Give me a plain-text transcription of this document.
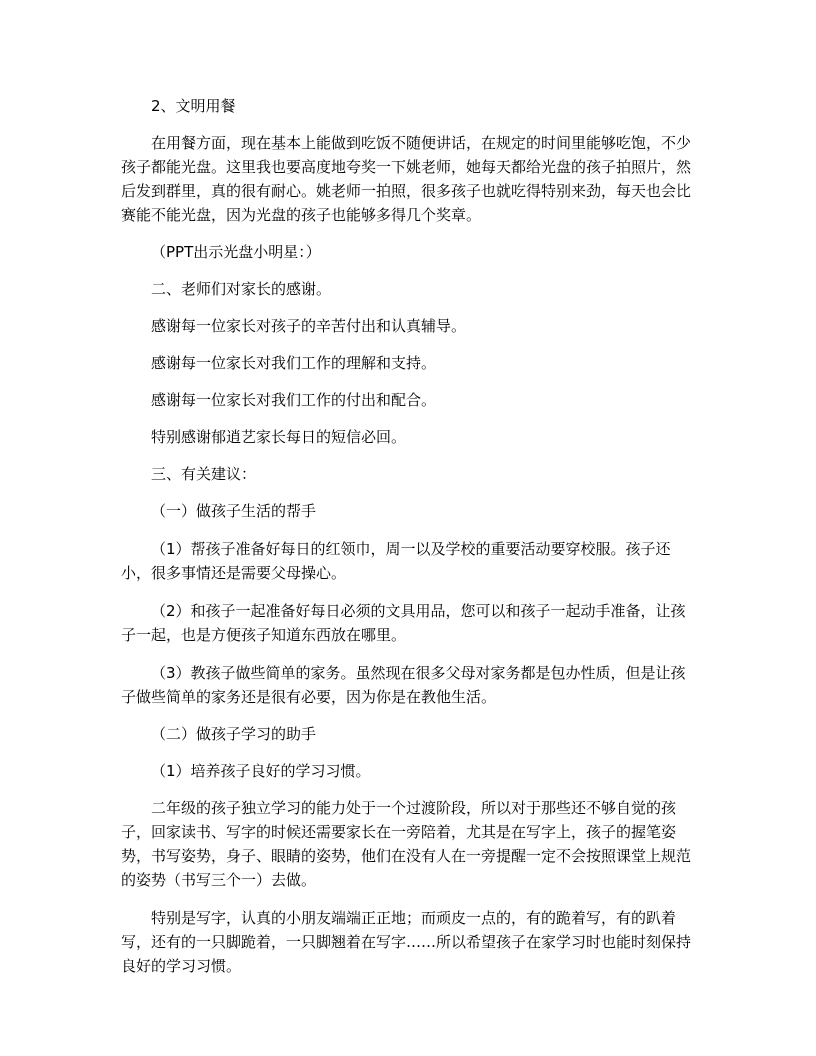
2、文明用餐

在用餐方面，现在基本上能做到吃饭不随便讲话，在规定的时间里能够吃饱，不少孩子都能光盘。这里我也要高度地夸奖一下姚老师，她每天都给光盘的孩子拍照片，然后发到群里，真的很有耐心。姚老师一拍照，很多孩子也就吃得特别来劲，每天也会比赛能不能光盘，因为光盘的孩子也能够多得几个奖章。

（PPT出示光盘小明星：）

二、老师们对家长的感谢。

感谢每一位家长对孩子的辛苦付出和认真辅导。

感谢每一位家长对我们工作的理解和支持。

感谢每一位家长对我们工作的付出和配合。

特别感谢郁逍艺家长每日的短信必回。

三、有关建议：

（一）做孩子生活的帮手

（1）帮孩子准备好每日的红领巾，周一以及学校的重要活动要穿校服。孩子还小，很多事情还是需要父母操心。

（2）和孩子一起准备好每日必须的文具用品，您可以和孩子一起动手准备，让孩子一起，也是方便孩子知道东西放在哪里。

（3）教孩子做些简单的家务。虽然现在很多父母对家务都是包办性质，但是让孩子做些简单的家务还是很有必要，因为你是在教他生活。

（二）做孩子学习的助手

（1）培养孩子良好的学习习惯。

二年级的孩子独立学习的能力处于一个过渡阶段，所以对于那些还不够自觉的孩子，回家读书、写字的时候还需要家长在一旁陪着，尤其是在写字上，孩子的握笔姿势，书写姿势，身子、眼睛的姿势，他们在没有人在一旁提醒一定不会按照课堂上规范的姿势（书写三个一）去做。

特别是写字，认真的小朋友端端正正地；而顽皮一点的，有的跪着写，有的趴着写，还有的一只脚跪着，一只脚翘着在写字……所以希望孩子在家学习时也能时刻保持良好的学习习惯。
